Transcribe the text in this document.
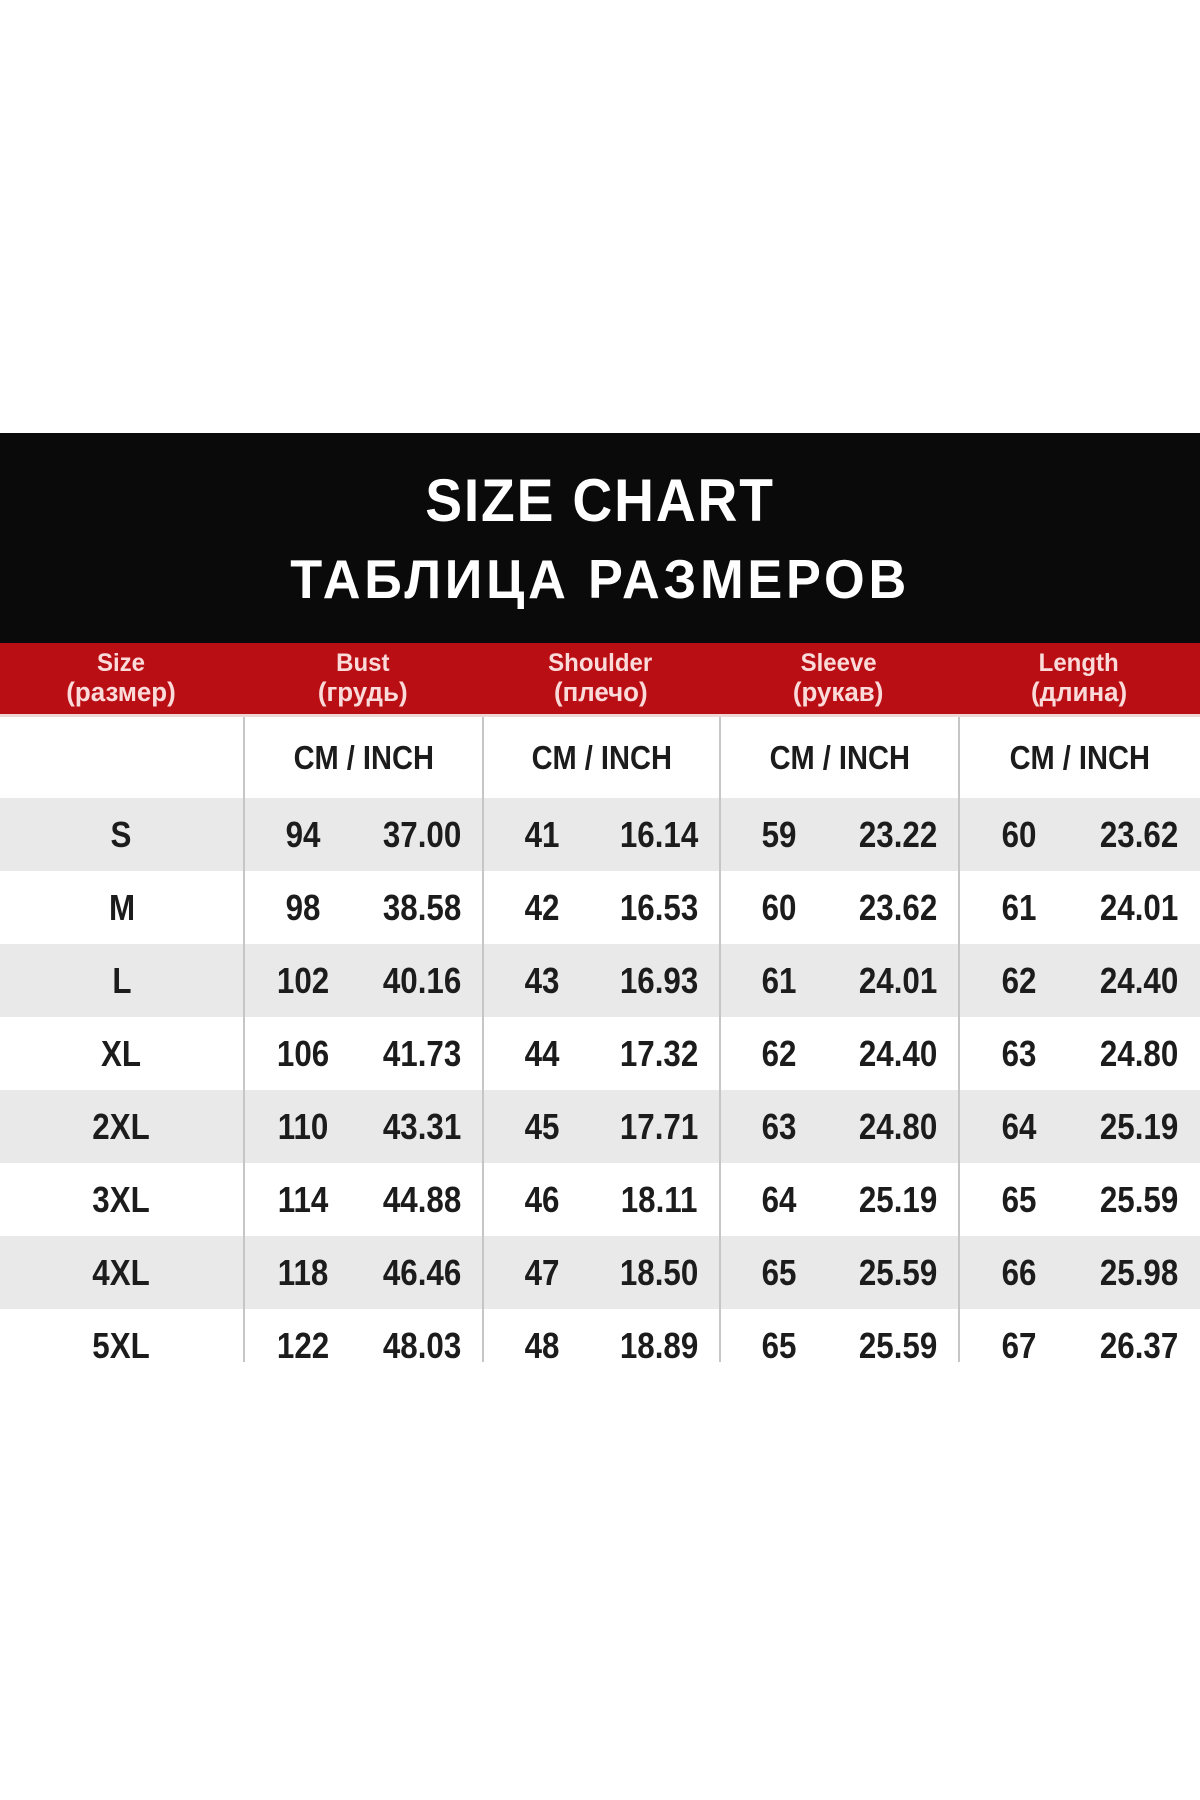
SIZE CHART
ТАБЛИЦА РАЗМЕРОВ
Size
(размер)
Bust
(грудь)
Shoulder
(плечо)
Sleeve
(рукав)
Length
(длина)
CM / INCH	CM / INCH	CM / INCH	CM / INCH
S	94 37.00 41 16.14 59 23.22 60 23.62
M	98 38.58 42 16.53 60 23.62 61 24.01
L	102 40.16 43 16.93 61 24.01 62 24.40
XL	106 41.73 44 17.32 62 24.40 63 24.80
2XL	110 43.31 45 17.71 63 24.80 64 25.19
3XL	114 44.88 46 18.11 64 25.19 65 25.59
4XL	118 46.46 47 18.50 65 25.59 66 25.98
5XL	122 48.03 48 18.89 65 25.59 67 26.37
